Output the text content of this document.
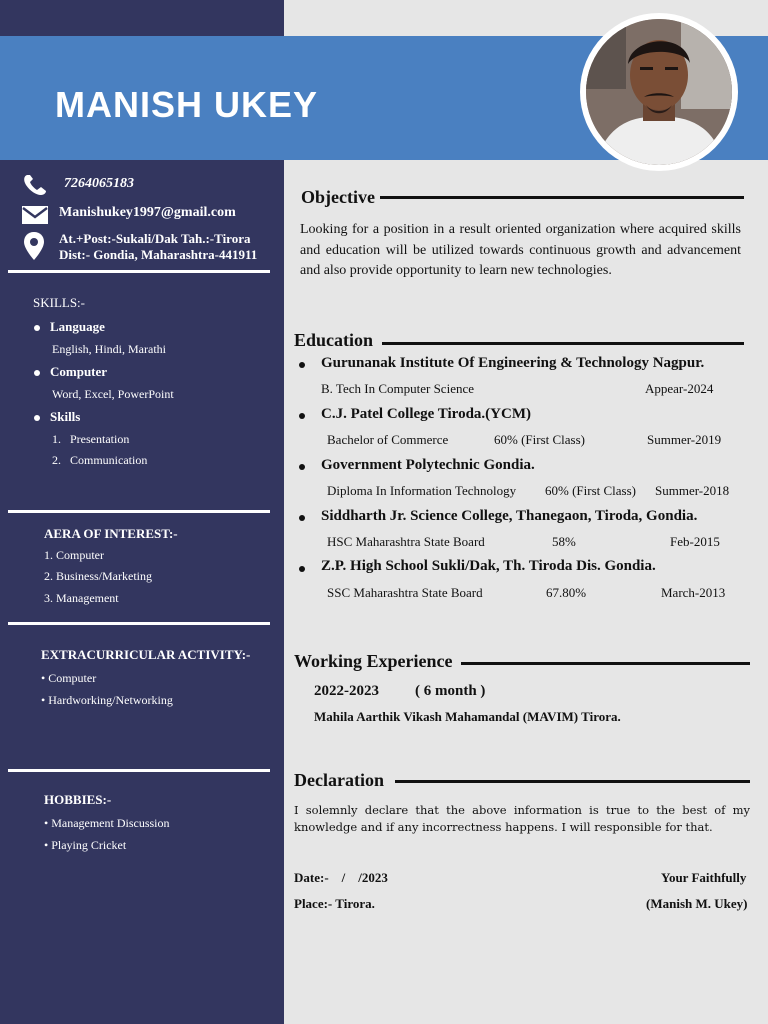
MANISH UKEY
7264065183
Manishukey1997@gmail.com
At.+Post:-Sukali/Dak Tah.:-Tirora
Dist:- Gondia, Maharashtra-441911
SKILLS:-
Language
English, Hindi, Marathi
Computer
Word, Excel, PowerPoint
Skills
1. Presentation
2. Communication
AERA OF INTEREST:-
1. Computer
2. Business/Marketing
3. Management
EXTRACURRICULAR ACTIVITY:-
• Computer
• Hardworking/Networking
HOBBIES:-
• Management Discussion
• Playing Cricket
Objective
Looking for a position in a result oriented organization where acquired skills and education will be utilized towards continuous growth and advancement and also provide opportunity to learn new technologies.
Education
Gurunanak Institute Of Engineering & Technology Nagpur.
B. Tech In Computer Science	Appear-2024
C.J. Patel College Tiroda.(YCM)
Bachelor of Commerce	60% (First Class)	Summer-2019
Government Polytechnic Gondia.
Diploma In Information Technology 60% (First Class) Summer-2018
Siddharth Jr. Science College, Thanegaon, Tiroda, Gondia.
HSC Maharashtra State Board	58%	Feb-2015
Z.P. High School Sukli/Dak, Th. Tiroda Dis. Gondia.
SSC Maharashtra State Board	67.80%	March-2013
Working Experience
2022-2023 ( 6 month )
Mahila Aarthik Vikash Mahamandal (MAVIM) Tirora.
Declaration
I solemnly declare that the above information is true to the best of my knowledge and if any incorrectness happens. I will responsible for that.
Date:-    /    /2023	Your Faithfully
Place:- Tirora.	(Manish M. Ukey)
